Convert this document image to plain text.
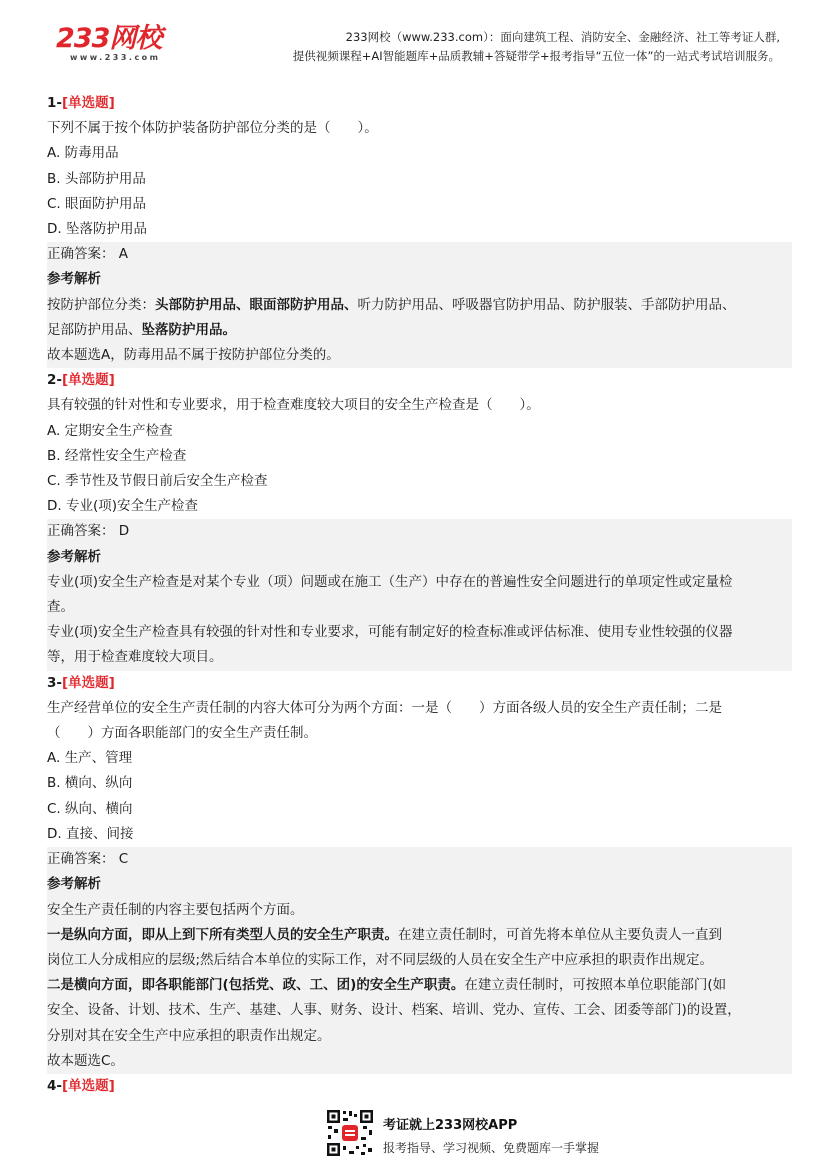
233网校
www.233.com
233网校（www.233.com）：面向建筑工程、消防安全、金融经济、社工等考证人群,
提供视频课程+AI智能题库+品质教辅+答疑带学+报考指导“五位一体”的一站式考试培训服务。
1-[单选题]
下列不属于按个体防护装备防护部位分类的是（　　）。
A. 防毒用品
B. 头部防护用品
C. 眼面防护用品
D. 坠落防护用品
正确答案： A
参考解析
按防护部位分类：头部防护用品、眼面部防护用品、听力防护用品、呼吸器官防护用品、防护服装、手部防护用品、
足部防护用品、坠落防护用品。
故本题选A，防毒用品不属于按防护部位分类的。
2-[单选题]
具有较强的针对性和专业要求，用于检查难度较大项目的安全生产检查是（　　）。
A. 定期安全生产检查
B. 经常性安全生产检查
C. 季节性及节假日前后安全生产检查
D. 专业(项)安全生产检查
正确答案： D
参考解析
专业(项)安全生产检查是对某个专业（项）问题或在施工（生产）中存在的普遍性安全问题进行的单项定性或定量检
查。
专业(项)安全生产检查具有较强的针对性和专业要求，可能有制定好的检查标准或评估标准、使用专业性较强的仪器
等，用于检查难度较大项目。
3-[单选题]
生产经营单位的安全生产责任制的内容大体可分为两个方面：一是（　　）方面各级人员的安全生产责任制；二是
（　　）方面各职能部门的安全生产责任制。
A. 生产、管理
B. 横向、纵向
C. 纵向、横向
D. 直接、间接
正确答案： C
参考解析
安全生产责任制的内容主要包括两个方面。
一是纵向方面，即从上到下所有类型人员的安全生产职责。在建立责任制时，可首先将本单位从主要负责人一直到
岗位工人分成相应的层级;然后结合本单位的实际工作，对不同层级的人员在安全生产中应承担的职责作出规定。
二是横向方面，即各职能部门(包括党、政、工、团)的安全生产职责。在建立责任制时，可按照本单位职能部门(如
安全、设备、计划、技术、生产、基建、人事、财务、设计、档案、培训、党办、宣传、工会、团委等部门)的设置，
分别对其在安全生产中应承担的职责作出规定。
故本题选C。
4-[单选题]
考证就上233网校APP
报考指导、学习视频、免费题库一手掌握
